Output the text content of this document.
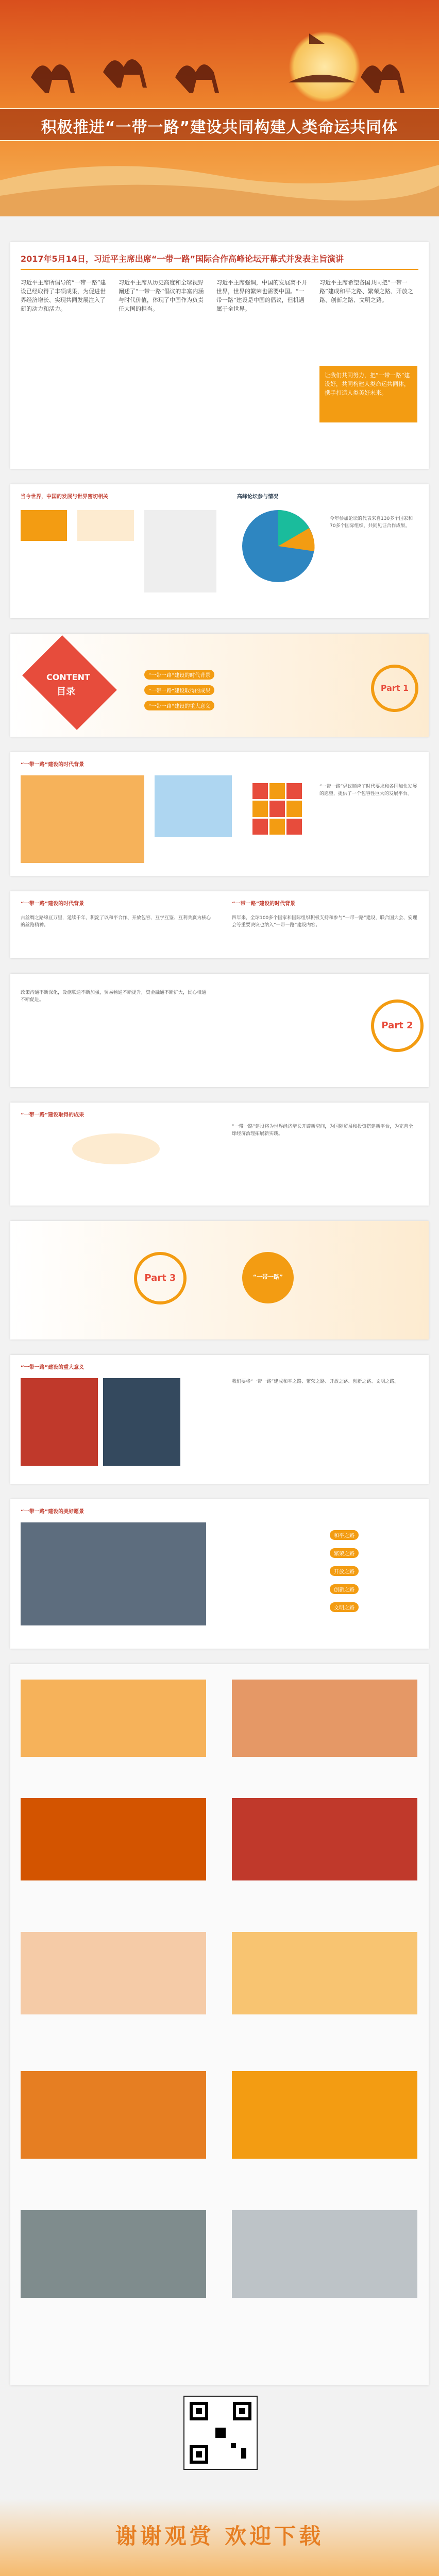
积极推进“一带一路”建设共同构建人类命运共同体
2017年5月14日，习近平主席出席“一带一路”国际合作高峰论坛开幕式并发表主旨演讲
习近平主席所倡导的“一带一路”建设已经取得了丰硕成果，为促进世界经济增长、实现共同发展注入了新的动力和活力。
习近平主席从历史高度和全球视野阐述了“一带一路”倡议的丰富内涵与时代价值，体现了中国作为负责任大国的担当。
习近平主席强调，中国的发展离不开世界，世界的繁荣也需要中国。“一带一路”建设是中国的倡议，但机遇属于全世界。
习近平主席希望各国共同把“一带一路”建成和平之路、繁荣之路、开放之路、创新之路、文明之路。
让我们共同努力，把“一带一路”建设好，共同构建人类命运共同体，携手打造人类美好未来。
当今世界，中国的发展与世界密切相关	高峰论坛参与情况
今年参加论坛的代表来自130多个国家和70多个国际组织，共同见证合作成果。
CONTENT
目录
“一带一路”建设的时代背景
“一带一路”建设取得的成果
“一带一路”建设的重大意义
Part 1
“一带一路”建设的时代背景
“一带一路”倡议顺应了时代要求和各国加快发展的愿望，提供了一个包容性巨大的发展平台。
“一带一路”建设的时代背景
古丝绸之路绵亘万里，延续千年，积淀了以和平合作、开放包容、互学互鉴、互利共赢为核心的丝路精神。
“一带一路”建设的时代背景
四年来，全球100多个国家和国际组织积极支持和参与“一带一路”建设，联合国大会、安理会等重要决议也纳入“一带一路”建设内容。
政策沟通不断深化，设施联通不断加强，贸易畅通不断提升，资金融通不断扩大，民心相通不断促进。
Part 2
“一带一路”建设取得的成果
“一带一路”建设将为世界经济增长开辟新空间，为国际贸易和投资搭建新平台，为完善全球经济治理拓展新实践。
Part 3	“一带一路”
“一带一路”建设的重大意义
我们要将“一带一路”建成和平之路、繁荣之路、开放之路、创新之路、文明之路。
“一带一路”建设的美好愿景
和平之路
繁荣之路
开放之路
创新之路
文明之路
谢谢观赏 欢迎下载
